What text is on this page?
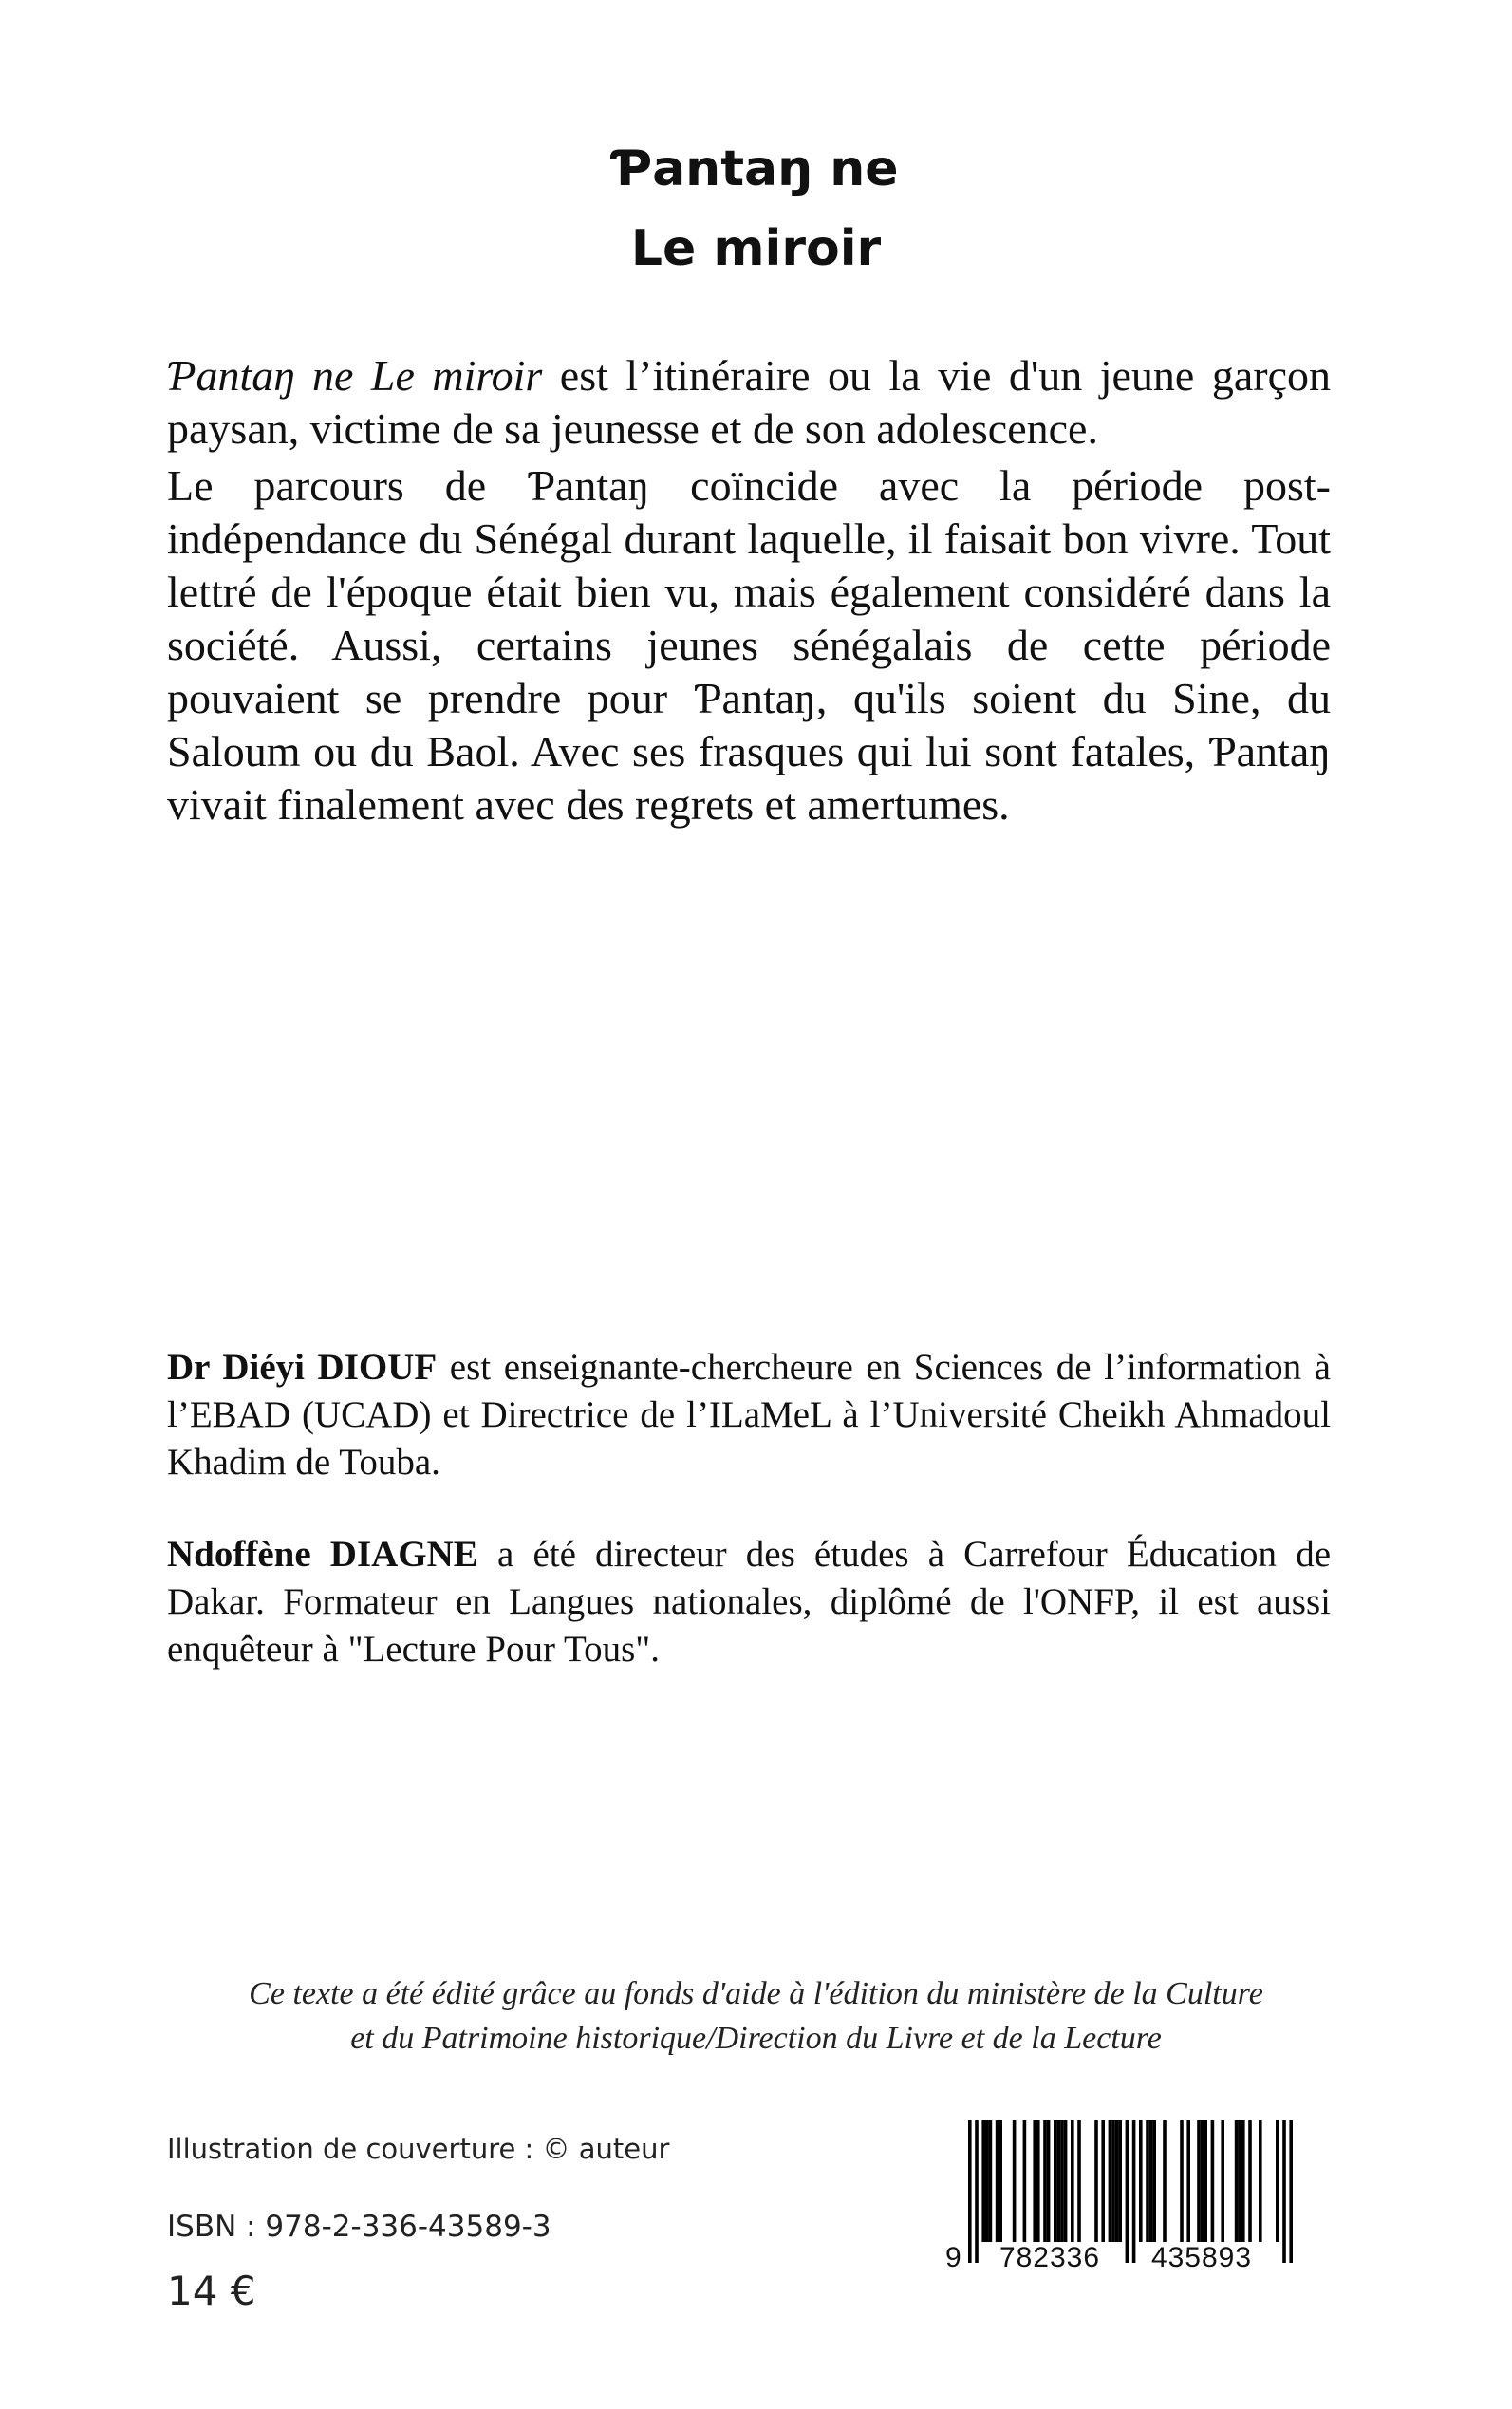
Ƥantaŋ ne
Le miroir

Ƥantaŋ ne Le miroir est l’itinéraire ou la vie d'un jeune garçon paysan, victime de sa jeunesse et de son adolescence.

Le parcours de Ƥantaŋ coïncide avec la période post-indépendance du Sénégal durant laquelle, il faisait bon vivre. Tout lettré de l'époque était bien vu, mais également considéré dans la société. Aussi, certains jeunes sénégalais de cette période pouvaient se prendre pour Ƥantaŋ, qu'ils soient du Sine, du Saloum ou du Baol. Avec ses frasques qui lui sont fatales, Ƥantaŋ vivait finalement avec des regrets et amertumes.

Dr Diéyi DIOUF est enseignante-chercheure en Sciences de l’information à l’EBAD (UCAD) et Directrice de l’ILaMeL à l’Université Cheikh Ahmadoul Khadim de Touba.

Ndoffène DIAGNE a été directeur des études à Carrefour Éducation de Dakar. Formateur en Langues nationales, diplômé de l'ONFP, il est aussi enquêteur à "Lecture Pour Tous".

Ce texte a été édité grâce au fonds d'aide à l'édition du ministère de la Culture
et du Patrimoine historique/Direction du Livre et de la Lecture
Illustration de couverture : © auteur
ISBN : 978-2-336-43589-3
14 €
9 782336 435893
